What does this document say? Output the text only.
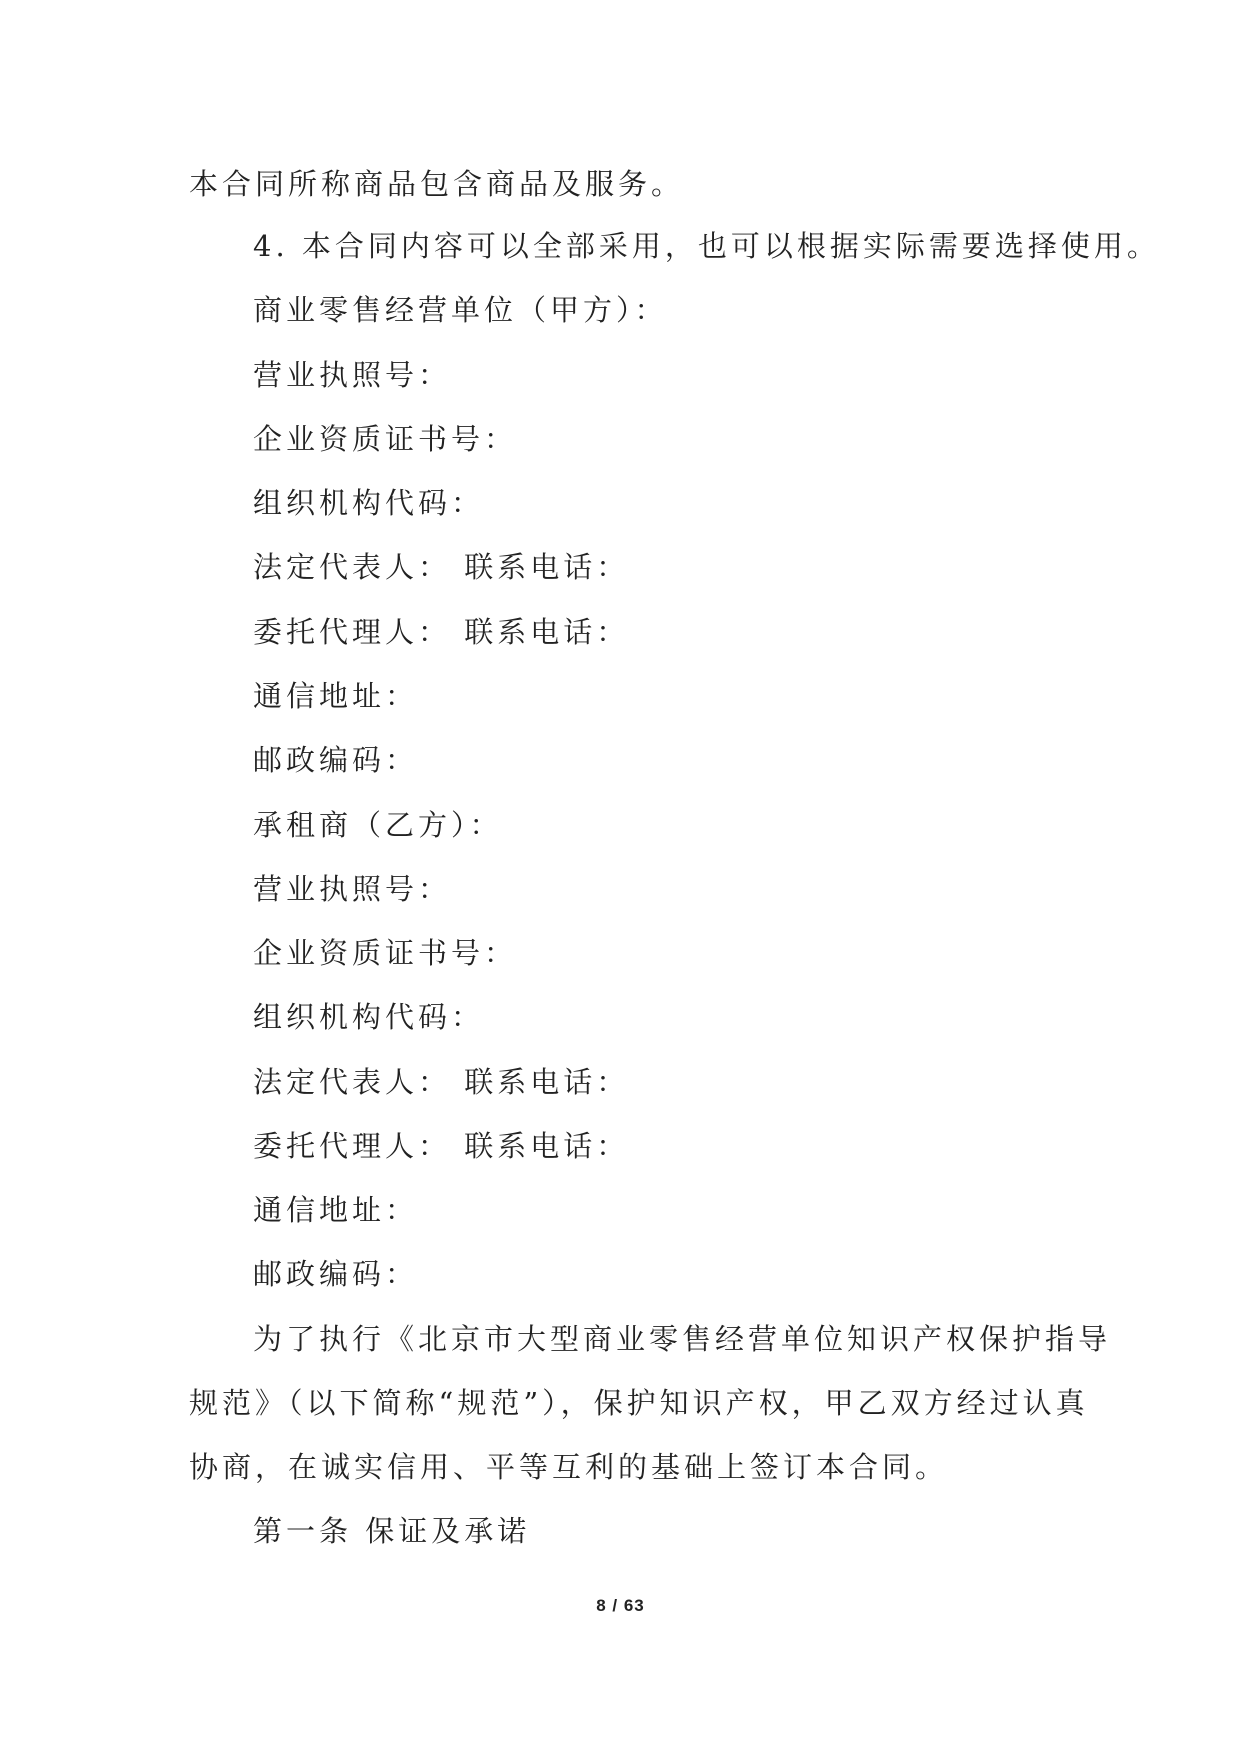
本合同所称商品包含商品及服务。
4. 本合同内容可以全部采用，也可以根据实际需要选择使用。
商业零售经营单位（甲方）：
营业执照号：
企业资质证书号：
组织机构代码：
法定代表人： 联系电话：
委托代理人： 联系电话：
通信地址：
邮政编码：
承租商（乙方）：
营业执照号：
企业资质证书号：
组织机构代码：
法定代表人： 联系电话：
委托代理人： 联系电话：
通信地址：
邮政编码：
为了执行《北京市大型商业零售经营单位知识产权保护指导
规范》（以下简称“规范”），保护知识产权，甲乙双方经过认真
协商，在诚实信用、平等互利的基础上签订本合同。
第一条 保证及承诺
8 / 63
